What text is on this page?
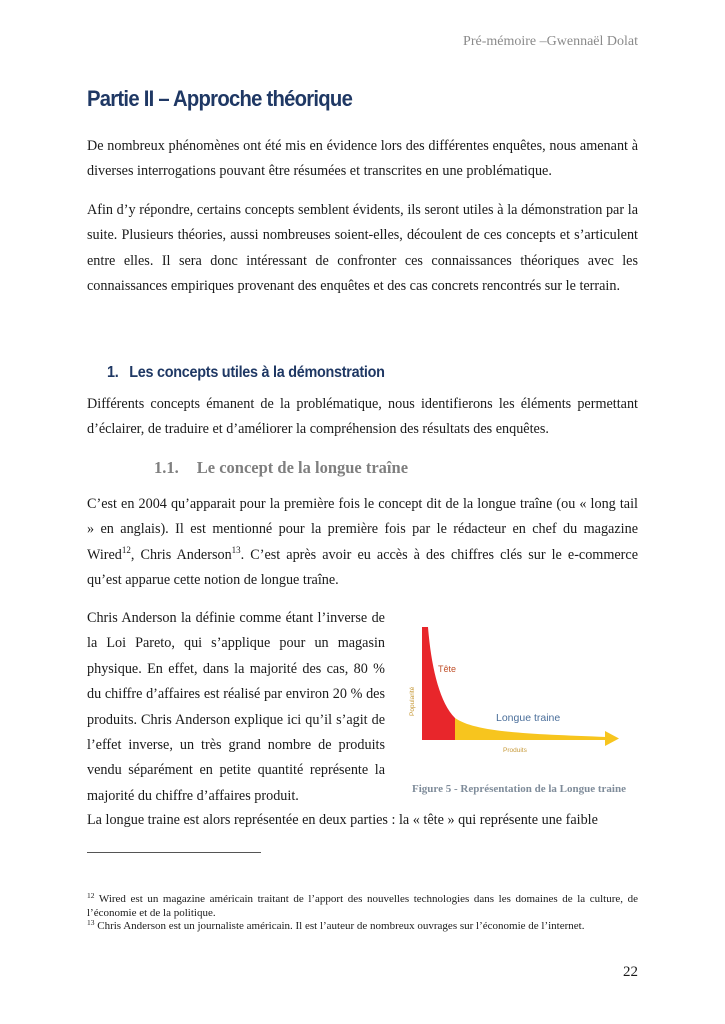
Pré-mémoire –Gwennaël Dolat
Partie II – Approche théorique

De nombreux phénomènes ont été mis en évidence lors des différentes enquêtes, nous amenant à diverses interrogations pouvant être résumées et transcrites en une problématique.

Afin d’y répondre, certains concepts semblent évidents, ils seront utiles à la démonstration par la suite. Plusieurs théories, aussi nombreuses soient-elles, découlent de ces concepts et s’articulent entre elles. Il sera donc intéressant de confronter ces connaissances théoriques avec les connaissances empiriques provenant des enquêtes et des cas concrets rencontrés sur le terrain.

1. Les concepts utiles à la démonstration

Différents concepts émanent de la problématique, nous identifierons les éléments permettant d’éclairer, de traduire et d’améliorer la compréhension des résultats des enquêtes.

1.1. Le concept de la longue traîne

C’est en 2004 qu’apparait pour la première fois le concept dit de la longue traîne (ou « long tail » en anglais). Il est mentionné pour la première fois par le rédacteur en chef du magazine Wired$^{12}$, Chris Anderson$^{13}$. C’est après avoir eu accès à des chiffres clés sur le e-commerce qu’est apparue cette notion de longue traîne.

Chris Anderson la définie comme étant l’inverse de la Loi Pareto, qui s’applique pour un magasin physique. En effet, dans la majorité des cas, 80 % du chiffre d’affaires est réalisé par environ 20 % des produits. Chris Anderson explique ici qu’il s’agit de l’effet inverse, un très grand nombre de produits vendu séparément en petite quantité représente la majorité du chiffre d’affaires produit.

Popularité
Tête
Longue traine
Produits
Figure 5 - Représentation de la Longue traine

La longue traine est alors représentée en deux parties : la « tête » qui représente une faible

$^{12}$ Wired est un magazine américain traitant de l’apport des nouvelles technologies dans les domaines de la culture, de l’économie et de la politique.

$^{13}$ Chris Anderson est un journaliste américain. Il est l’auteur de nombreux ouvrages sur l’économie de l’internet.

22
